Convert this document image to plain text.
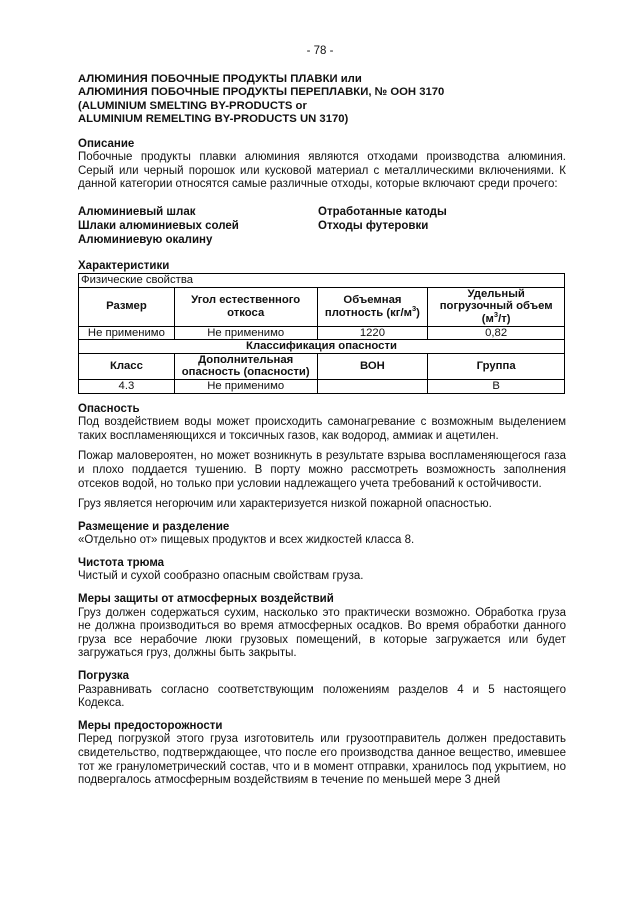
- 78 -
АЛЮМИНИЯ ПОБОЧНЫЕ ПРОДУКТЫ ПЛАВКИ или
АЛЮМИНИЯ ПОБОЧНЫЕ ПРОДУКТЫ ПЕРЕПЛАВКИ, № ООН 3170
(ALUMINIUM SMELTING BY-PRODUCTS or
ALUMINIUM REMELTING BY-PRODUCTS UN 3170)
Описание

Побочные продукты плавки алюминия являются отходами производства алюминия. Серый или черный порошок или кусковой материал с металлическими включениями. К данной категории относятся самые различные отходы, которые включают среди прочего:

Алюминиевый шлак
Шлаки алюминиевых солей
Алюминиевую окалину
Отработанные катоды
Отходы футеровки
Характеристики
Физические свойства			
Размер	Угол естественного откоса	Объемная плотность $(кг/м^3)$	Удельный погрузочный объем $(м^3/т)$
Не применимо	Не применимо	1220	0,82
Классификация опасности			
Класс	Дополнительная опасность (опасности)	ВОН	Группа
4.3	Не применимо		B
Опасность

Под воздействием воды может происходить самонагревание с возможным выделением таких воспламеняющихся и токсичных газов, как водород, аммиак и ацетилен.

Пожар маловероятен, но может возникнуть в результате взрыва воспламеняющегося газа и плохо поддается тушению. В порту можно рассмотреть возможность заполнения отсеков водой, но только при условии надлежащего учета требований к остойчивости.

Груз является негорючим или характеризуется низкой пожарной опасностью.

Размещение и разделение

«Отдельно от» пищевых продуктов и всех жидкостей класса 8.

Чистота трюма

Чистый и сухой сообразно опасным свойствам груза.

Меры защиты от атмосферных воздействий

Груз должен содержаться сухим, насколько это практически возможно. Обработка груза не должна производиться во время атмосферных осадков. Во время обработки данного груза все нерабочие люки грузовых помещений, в которые загружается или будет загружаться груз, должны быть закрыты.

Погрузка

Разравнивать согласно соответствующим положениям разделов 4 и 5 настоящего Кодекса.

Меры предосторожности

Перед погрузкой этого груза изготовитель или грузоотправитель должен предоставить свидетельство, подтверждающее, что после его производства данное вещество, имевшее тот же гранулометрический состав, что и в момент отправки, хранилось под укрытием, но подвергалось атмосферным воздействиям в течение по меньшей мере 3 дней
